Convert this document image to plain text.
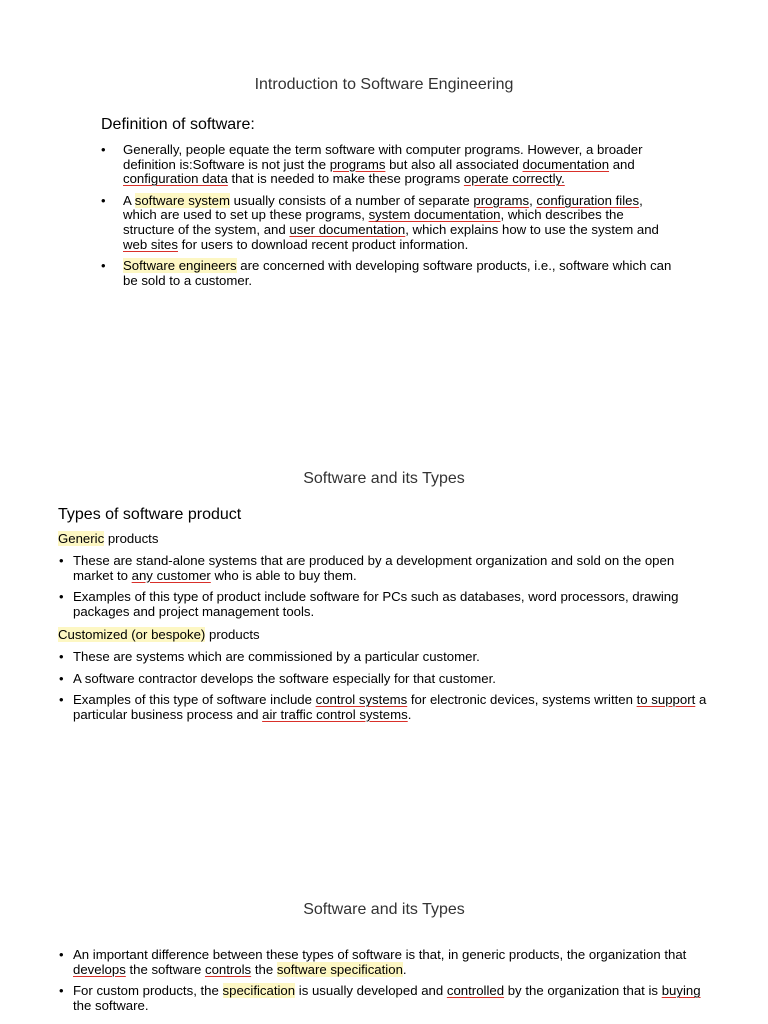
Introduction to Software Engineering
Definition of software:
• Generally, people equate the term software with computer programs. However, a broader definition is:Software is not just the programs but also all associated documentation and configuration data that is needed to make these programs operate correctly.
• A software system usually consists of a number of separate programs, configuration files, which are used to set up these programs, system documentation, which describes the structure of the system, and user documentation, which explains how to use the system and web sites for users to download recent product information.
• Software engineers are concerned with developing software products, i.e., software which can be sold to a customer.
Software and its Types
Types of software product
Generic products
• These are stand-alone systems that are produced by a development organization and sold on the open market to any customer who is able to buy them.
• Examples of this type of product include software for PCs such as databases, word processors, drawing packages and project management tools.
Customized (or bespoke) products
• These are systems which are commissioned by a particular customer.
• A software contractor develops the software especially for that customer.
• Examples of this type of software include control systems for electronic devices, systems written to support a particular business process and air traffic control systems.
Software and its Types
• An important difference between these types of software is that, in generic products, the organization that develops the software controls the software specification.
• For custom products, the specification is usually developed and controlled by the organization that is buying the software.
